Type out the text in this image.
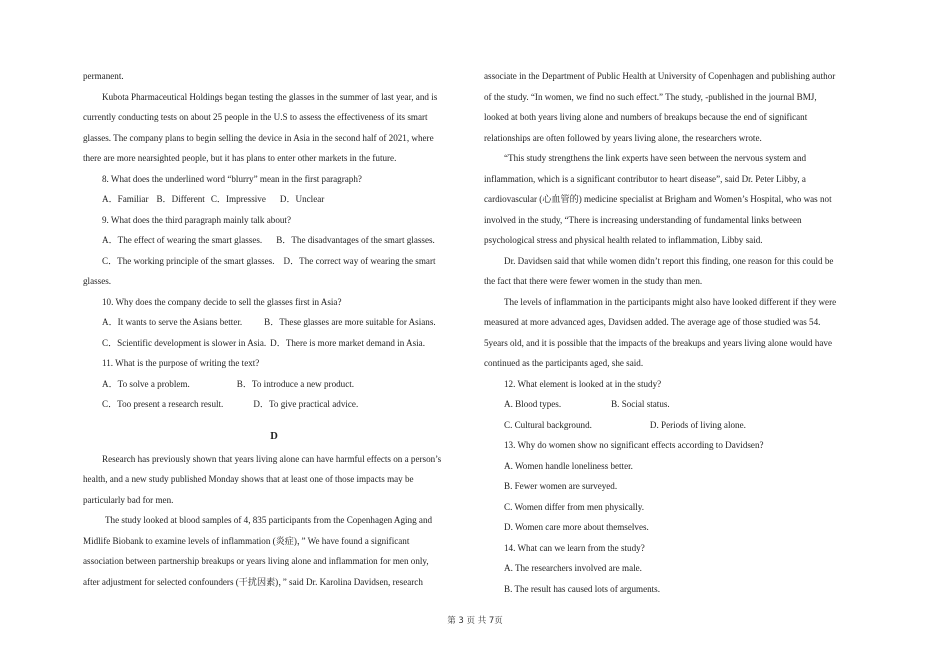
permanent.

Kubota Pharmaceutical Holdings began testing the glasses in the summer of last year, and is

currently conducting tests on about 25 people in the U.S to assess the effectiveness of its smart

glasses. The company plans to begin selling the device in Asia in the second half of 2021, where

there are more nearsighted people, but it has plans to enter other markets in the future.

8. What does the underlined word “blurry” mean in the first paragraph?

A．Familiar B．Different C．Impressive D．Unclear

9. What does the third paragraph mainly talk about?

A．The effect of wearing the smart glasses. B．The disadvantages of the smart glasses.

C．The working principle of the smart glasses. D．The correct way of wearing the smart

glasses.

10. Why does the company decide to sell the glasses first in Asia?

A．It wants to serve the Asians better. B．These glasses are more suitable for Asians.

C．Scientific development is slower in Asia. D．There is more market demand in Asia.

11. What is the purpose of writing the text?

A．To solve a problem.	B．To introduce a new product.

C．Too present a research result.	D．To give practical advice.

D

Research has previously shown that years living alone can have harmful effects on a person’s

health, and a new study published Monday shows that at least one of those impacts may be

particularly bad for men.

The study looked at blood samples of 4, 835 participants from the Copenhagen Aging and

Midlife Biobank to examine levels of inflammation (炎症)，” We have found a significant

association between partnership breakups or years living alone and inflammation for men only,

after adjustment for selected confounders (干扰因素)，” said Dr. Karolina Davidsen, research

associate in the Department of Public Health at University of Copenhagen and publishing author

of the study. “In women, we find no such effect.” The study, -published in the journal BMJ,

looked at both years living alone and numbers of breakups because the end of significant

relationships are often followed by years living alone, the researchers wrote.

“This study strengthens the link experts have seen between the nervous system and

inflammation, which is a significant contributor to heart disease”, said Dr. Peter Libby, a

cardiovascular (心血管的) medicine specialist at Brigham and Women’s Hospital, who was not

involved in the study, “There is increasing understanding of fundamental links between

psychological stress and physical health related to inflammation, Libby said.

Dr. Davidsen said that while women didn’t report this finding, one reason for this could be

the fact that there were fewer women in the study than men.

The levels of inflammation in the participants might also have looked different if they were

measured at more advanced ages, Davidsen added. The average age of those studied was 54.

5years old, and it is possible that the impacts of the breakups and years living alone would have

continued as the participants aged, she said.

12. What element is looked at in the study?

A. Blood types.	B. Social status.

C. Cultural background.	D. Periods of living alone.

13. Why do women show no significant effects according to Davidsen?

A. Women handle loneliness better.

B. Fewer women are surveyed.

C. Women differ from men physically.

D. Women care more about themselves.

14. What can we learn from the study?

A. The researchers involved are male.

B. The result has caused lots of arguments.

第 3 页 共 7页
